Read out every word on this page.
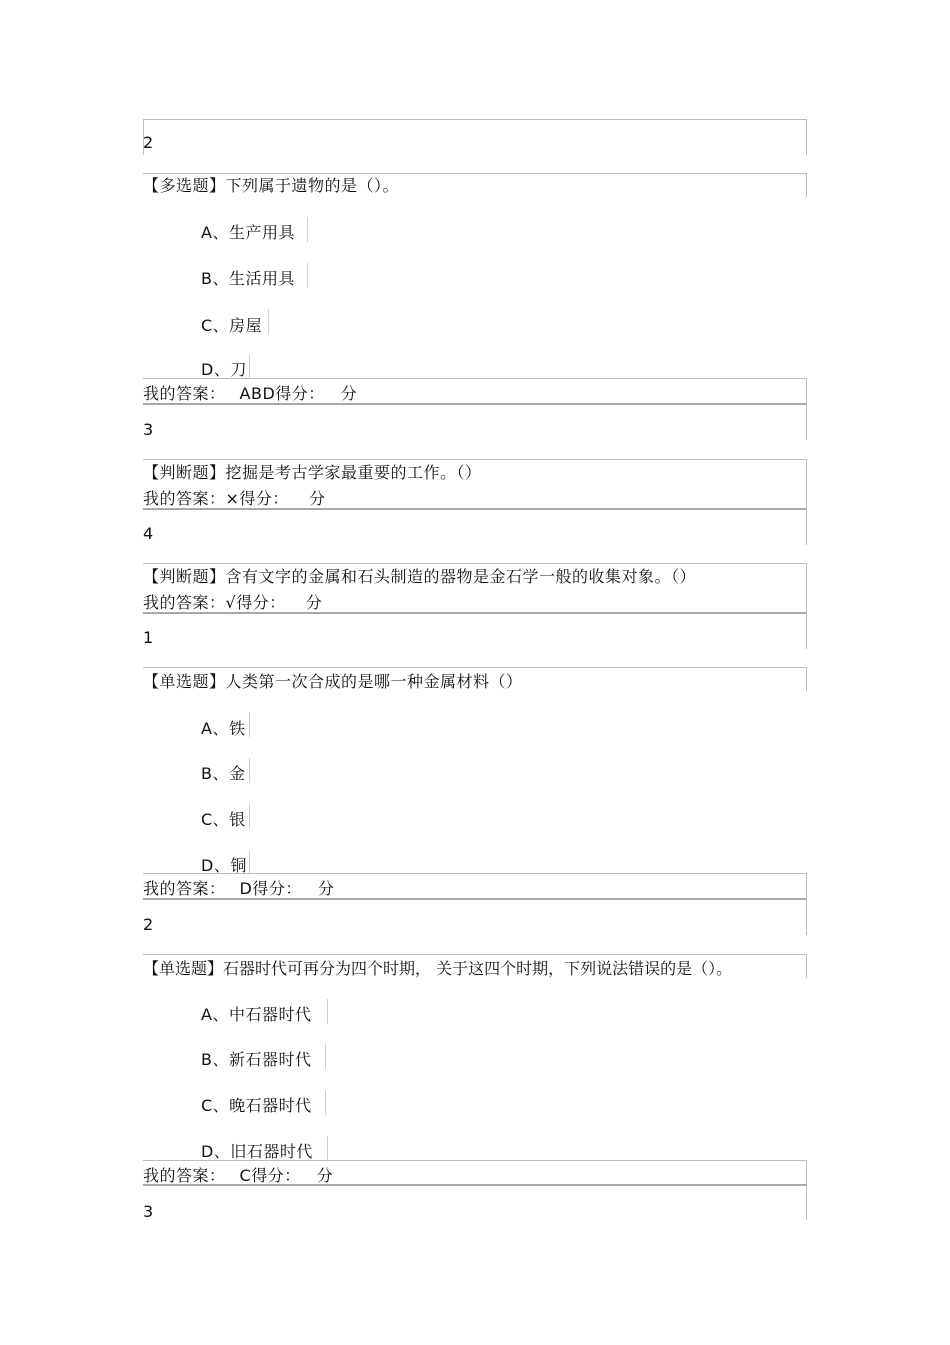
2
【多选题】下列属于遗物的是（）。
A、生产用具
B、生活用具
C、房屋
D、刀
我的答案： ABD得分： 分
3
【判断题】挖掘是考古学家最重要的工作。（）
我的答案：×得分： 分
4
【判断题】含有文字的金属和石头制造的器物是金石学一般的收集对象。（）
我的答案：√得分： 分
1
【单选题】人类第一次合成的是哪一种金属材料（）
A、铁
B、金
C、银
D、铜
我的答案： D得分： 分
2
【单选题】石器时代可再分为四个时期， 关于这四个时期，下列说法错误的是（）。
A、中石器时代
B、新石器时代
C、晚石器时代
D、旧石器时代
我的答案： C得分： 分
3
